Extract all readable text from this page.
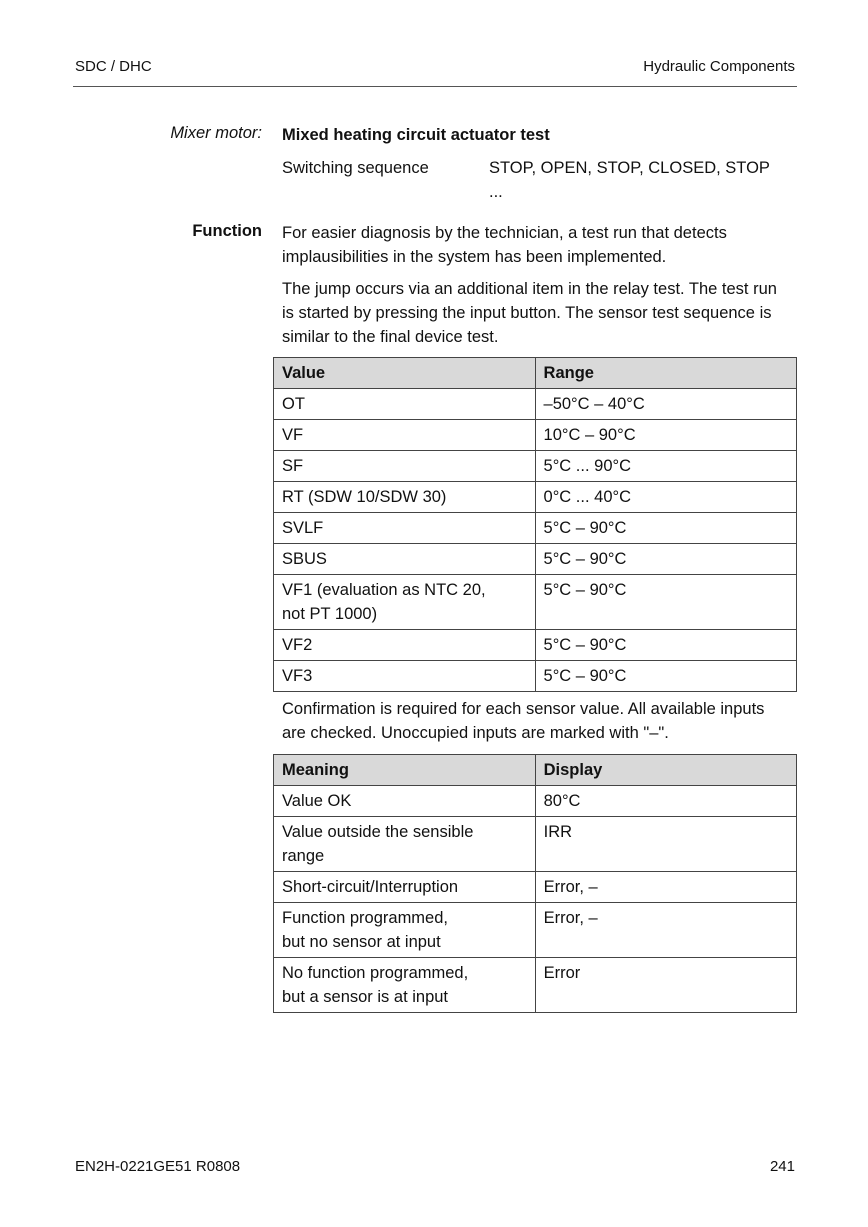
SDC / DHC	Hydraulic Components
Mixer motor: Mixed heating circuit actuator test
Switching sequence	STOP, OPEN, STOP, CLOSED, STOP ...
Function For easier diagnosis by the technician, a test run that detects implausibilities in the system has been implemented.
The jump occurs via an additional item in the relay test. The test run is started by pressing the input button. The sensor test sequence is similar to the final device test.
Value	Range
OT	–50°C – 40°C
VF	10°C – 90°C
SF	5°C ... 90°C
RT (SDW 10/SDW 30)	0°C ... 40°C
SVLF	5°C – 90°C
SBUS	5°C – 90°C
VF1 (evaluation as NTC 20,
not PT 1000)	5°C – 90°C
VF2	5°C – 90°C
VF3	5°C – 90°C
Confirmation is required for each sensor value. All available inputs are checked. Unoccupied inputs are marked with "–".
Meaning	Display
Value OK	80°C
Value outside the sensible
range	IRR
Short-circuit/Interruption	Error, –
Function programmed,
but no sensor at input	Error, –
No function programmed,
but a sensor is at input	Error
EN2H-0221GE51 R0808	241
